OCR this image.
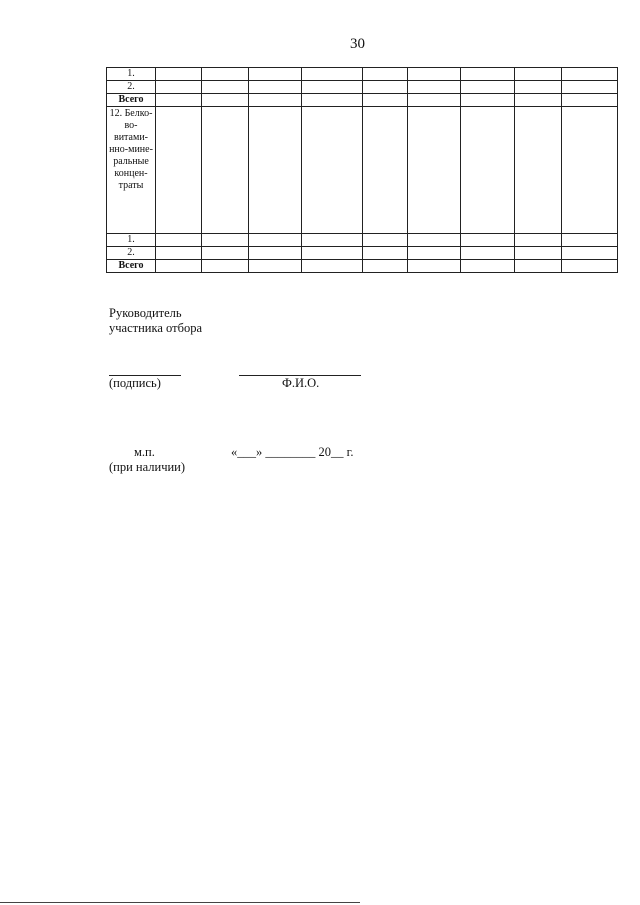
30
1.									
2.									
Всего									
12. Белко-во-витами-нно-мине-ральные концен-траты									
1.									
2.									
Всего									
Руководитель
участника отбора
(подпись)	Ф.И.О.
м.п.	«___» ________ 20__ г.
(при наличии)
